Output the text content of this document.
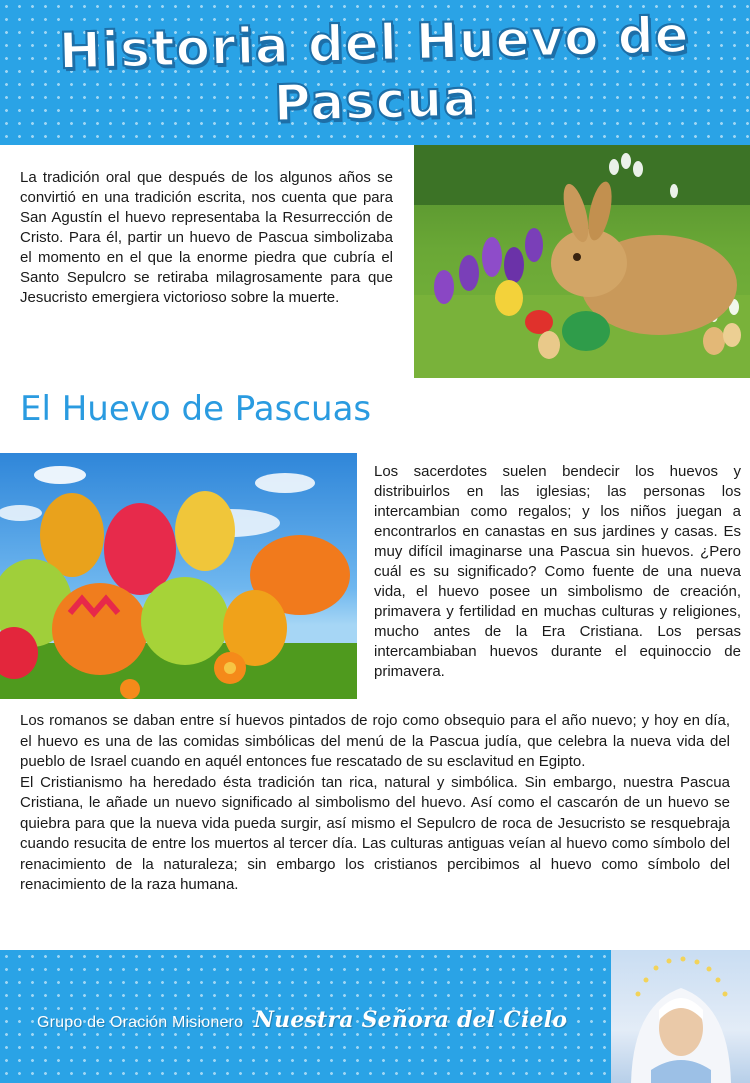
Historia del Huevo de Pascua

La tradición oral que después de los algunos años se convirtió en una tradición escrita, nos cuenta que para San Agustín el huevo representaba la Resurrección de Cristo. Para él, partir un huevo de Pascua simbolizaba el momento en el que la enorme piedra que cubría el Santo Sepulcro se retiraba milagrosamente para que Jesucristo emergiera victorioso sobre la muerte.

El Huevo de Pascuas

Los sacerdotes suelen bendecir los huevos y distribuirlos en las iglesias; las personas los intercambian como regalos; y los niños juegan a encontrarlos en canastas en sus jardines y casas. Es muy difícil imaginarse una Pascua sin huevos. ¿Pero cuál es su significado? Como fuente de una nueva vida, el huevo posee un simbolismo de creación, primavera y fertilidad en muchas culturas y religiones, mucho antes de la Era Cristiana. Los persas intercambiaban huevos durante el equinoccio de primavera.

Los romanos se daban entre sí huevos pintados de rojo como obsequio para el año nuevo; y hoy en día, el huevo es una de las comidas simbólicas del menú de la Pascua judía, que celebra la nueva vida del pueblo de Israel cuando en aquél entonces fue rescatado de su esclavitud en Egipto.
El Cristianismo ha heredado ésta tradición tan rica, natural y simbólica. Sin embargo, nuestra Pascua Cristiana, le añade un nuevo significado al simbolismo del huevo. Así como el cascarón de un huevo se quiebra para que la nueva vida pueda surgir, así mismo el Sepulcro de roca de Jesucristo se resquebraja cuando resucita de entre los muertos al tercer día. Las culturas antiguas veían al huevo como símbolo del renacimiento de la naturaleza; sin embargo los cristianos percibimos al huevo como símbolo del renacimiento de la raza humana.
Grupo de Oración Misionero Nuestra Señora del Cielo
